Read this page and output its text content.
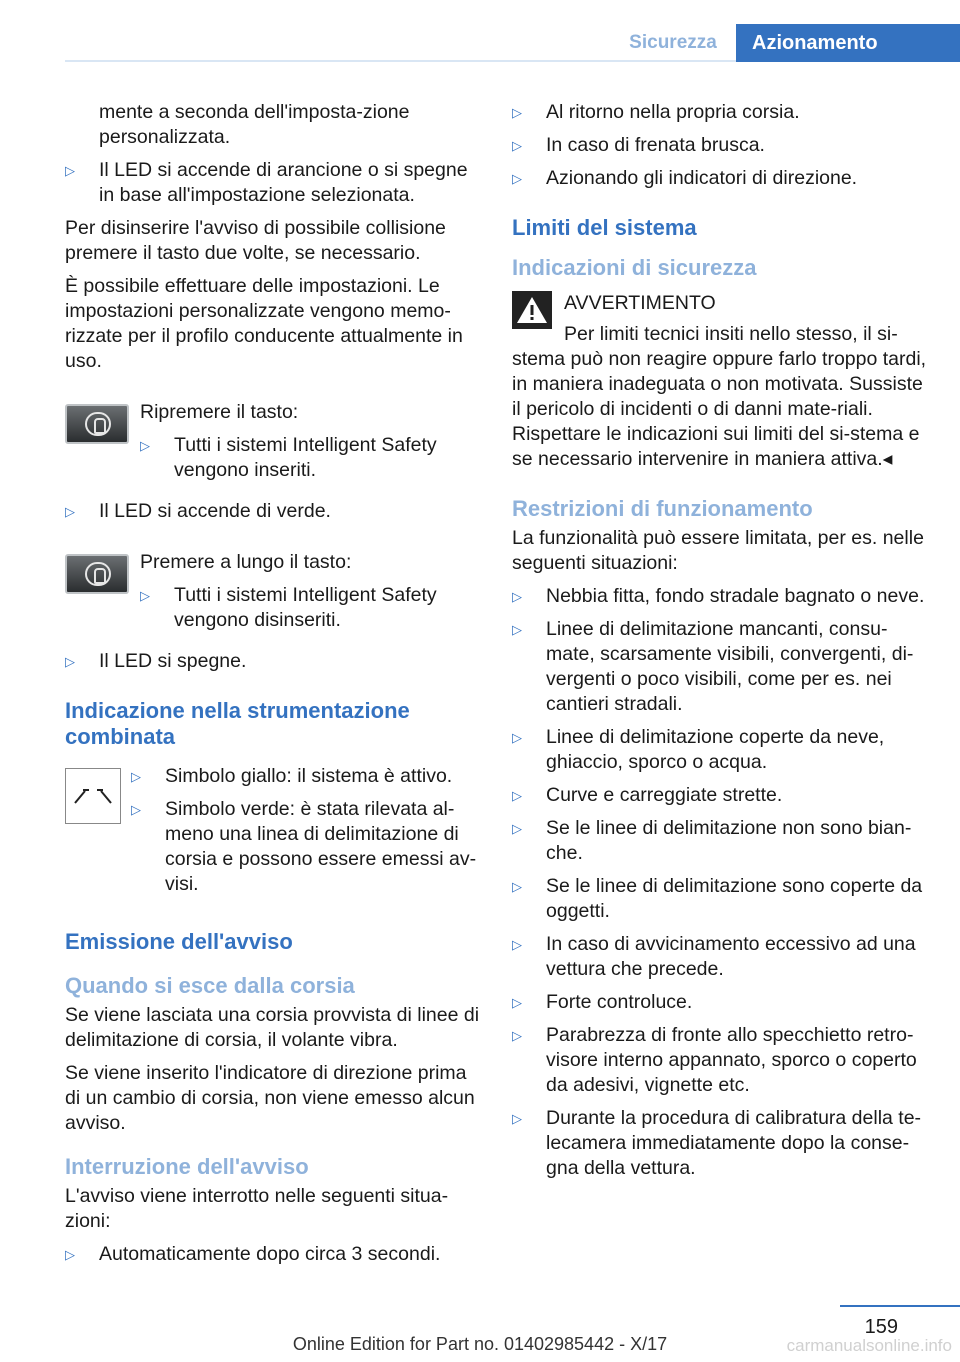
Sicurezza	Azionamento
mente a seconda dell'imposta-zione personalizzata.
▷	Il LED si accende di arancione o si spegne in base all'impostazione selezionata.

Per disinserire l'avviso di possibile collisione premere il tasto due volte, se necessario.

È possibile effettuare delle impostazioni. Le impostazioni personalizzate vengono memo-rizzate per il profilo conducente attualmente in uso.

Ripremere il tasto:

▷	Tutti i sistemi Intelligent Safety vengono inseriti.
▷	Il LED si accende di verde.

Premere a lungo il tasto:

▷	Tutti i sistemi Intelligent Safety vengono disinseriti.
▷	Il LED si spegne.
Indicazione nella strumentazione combinata
▷	Simbolo giallo: il sistema è attivo.
▷	Simbolo verde: è stata rilevata al-meno una linea di delimitazione di corsia e possono essere emessi av-visi.
Emissione dell'avviso
Quando si esce dalla corsia

Se viene lasciata una corsia provvista di linee di delimitazione di corsia, il volante vibra.

Se viene inserito l'indicatore di direzione prima di un cambio di corsia, non viene emesso alcun avviso.

Interruzione dell'avviso

L'avviso viene interrotto nelle seguenti situa-zioni:

▷	Automaticamente dopo circa 3 secondi.
▷	Al ritorno nella propria corsia.
▷	In caso di frenata brusca.
▷	Azionando gli indicatori di direzione.
Limiti del sistema
Indicazioni di sicurezza
AVVERTIMENTO
Per limiti tecnici insiti nello stesso, il si-

stema può non reagire oppure farlo troppo tardi, in maniera inadeguata o non motivata. Sussiste il pericolo di incidenti o di danni mate-riali. Rispettare le indicazioni sui limiti del si-stema e se necessario intervenire in maniera attiva.◂

Restrizioni di funzionamento

La funzionalità può essere limitata, per es. nelle seguenti situazioni:

▷	Nebbia fitta, fondo stradale bagnato o neve.
▷	Linee di delimitazione mancanti, consu-mate, scarsamente visibili, convergenti, di-vergenti o poco visibili, come per es. nei cantieri stradali.
▷	Linee di delimitazione coperte da neve, ghiaccio, sporco o acqua.
▷	Curve e carreggiate strette.
▷	Se le linee di delimitazione non sono bian-che.
▷	Se le linee di delimitazione sono coperte da oggetti.
▷	In caso di avvicinamento eccessivo ad una vettura che precede.
▷	Forte controluce.
▷	Parabrezza di fronte allo specchietto retro-visore interno appannato, sporco o coperto da adesivi, vignette etc.
▷	Durante la procedura di calibratura della te-lecamera immediatamente dopo la conse-gna della vettura.
159
Online Edition for Part no. 01402985442 - X/17	carmanualsonline.info
